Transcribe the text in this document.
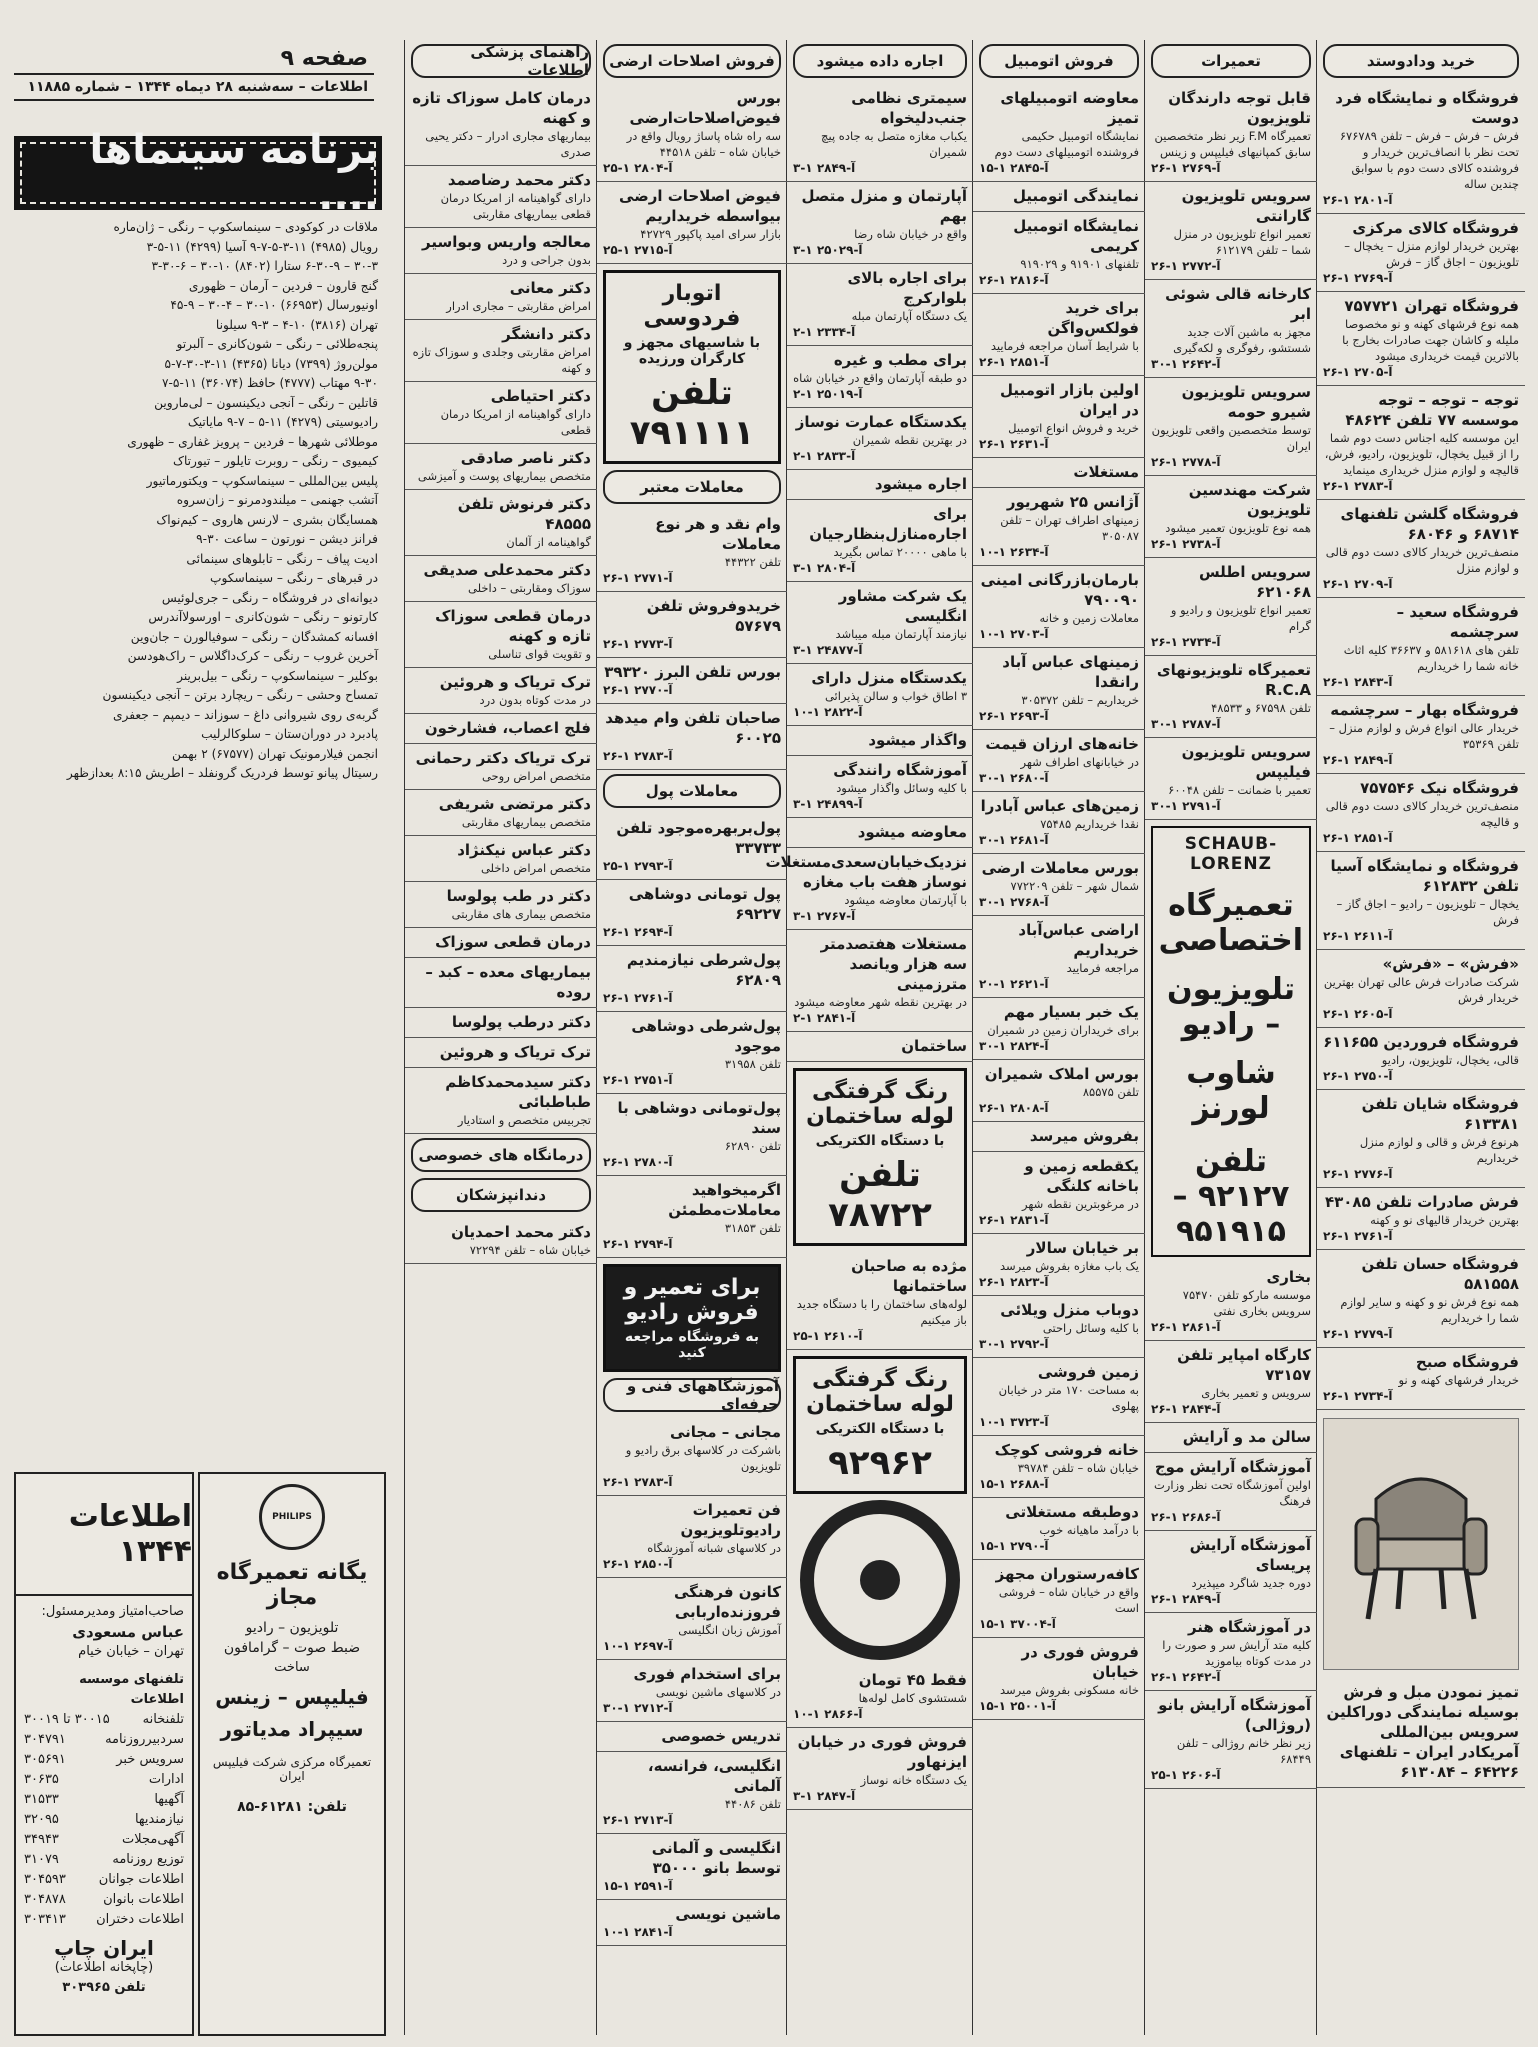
صفحه ۹
اطلاعات – سه‌شنبه ۲۸ دیماه ۱۳۴۴ – شماره ۱۱۸۸۵
برنامه سینماها ....
ملاقات در کوکودی – سینماسکوپ – رنگی – ژان‌ماره
رویال (۴۹۸۵) ۱۱-۳-۵-۷-۹ آسیا (۴۲۹۹) ۱۱-۵-۳
۳۰-۳ – ۶-۳۰-۹ ستارا (۸۴۰۲) ۱۰-۳۰ – ۶-۳۰-۳
گنج قارون – فردین – آرمان – ظهوری
اونیورسال (۶۶۹۵۳) ۱۰-۳۰ – ۴-۳۰ – ۹-۴۵
تهران (۳۸۱۶) ۱۰-۴ – ۳-۹ سیلونا
پنجه‌طلائی – رنگی – شون‌کانری – آلبرتو
مولن‌روژ (۷۳۹۹) دیانا (۴۳۶۵) ۱۱-۳-۳۰-۷-۵
۹-۳۰ مهتاب (۴۷۷۷) حافظ (۳۶۰۷۴) ۱۱-۵-۷
قاتلین – رنگی – آنجی دیکینسون – لی‌ماروین
رادیوسیتی (۴۲۷۹) ۱۱-۵ – ۷-۹ مایاتیک
موطلائی شهرها – فردین – پرویز غفاری – ظهوری
کیمیوی – رنگی – روبرت تایلور – تیورتاک
پلیس بین‌المللی – سینماسکوپ – ویکتورماتیور
آتشب جهنمی – میلندودمرنو – زان‌سروه
همسایگان بشری – لارنس هاروی – کیم‌نواک
فرانز دیشن – نورتون – ساعت ۳۰-۹
ادیت پیاف – رنگی – تابلوهای سینمائی
در قبرهای – رنگی – سینماسکوپ
دیوانه‌ای در فروشگاه – رنگی – جری‌لوئیس
کارتونو – رنگی – شون‌کانری – اورسولاآندرس
افسانه کمشدگان – رنگی – سوفیالورن – جان‌وین
آخرین غروب – رنگی – کرک‌داگلاس – راک‌هودسن
بوکلیر – سینماسکوپ – رنگی – بیل‌برینر
تمساح وحشی – رنگی – ریچارد برتن – آنجی دیکینسون
گربه‌ی روی شیروانی داغ – سوزاند – دیمپم – جعفری
پادبرد در دوران‌ستان – سلوکالرلیب
انجمن فیلارمونیک تهران (۶۷۵۷۷) ۲ بهمن
رسیتال پیانو توسط فردریک گرونفلد – اطریش ۸:۱۵ بعدازظهر
اطلاعات ۱۳۴۴
صاحب‌امتیاز ومدیرمسئول:
عباس مسعودی
تهران – خیابان خیام
تلفنهای موسسه اطلاعات
تلفنخانه
۳۰۰۱۵ تا ۳۰۰۱۹
سردبیرروزنامه
۳۰۴۷۹۱
سرویس خبر
۳۰۵۶۹۱
ادارات
۳۰۶۳۵
آگهیها
۳۱۵۳۳
نیازمندیها
۳۲۰۹۵
آگهی‌مجلات
۳۴۹۴۳
توزیع روزنامه
۳۱۰۷۹
اطلاعات جوانان
۳۰۴۵۹۳
اطلاعات بانوان
۳۰۴۸۷۸
اطلاعات دختران
۳۰۳۴۱۳
ایران چاپ
(چاپخانه اطلاعات)
تلفن ۳۰۳۹۶۵
PHILIPS
یگانه تعمیرگاه مجاز
تلویزیون – رادیو
ضبط صوت – گرامافون
ساخت
فیلیپس – زینس
سیپراد مدیاتور
تعمیرگاه مرکزی شرکت فیلیپس ایران
تلفن: ۶۱۲۸۱-۸۵
خرید ودادوستد
فروشگاه و نمایشگاه فرد دوست
فرش – فرش – فرش – تلفن ۶۷۶۷۸۹ تحت نظر با انصاف‌ترین خریدار و فروشنده کالای دست دوم با سوابق چندین ساله
۲۶-۱ آ-۲۸۰۱
فروشگاه کالای مرکزی
بهترین خریدار لوازم منزل – یخچال – تلویزیون – اجاق گاز – فرش
۲۶-۱ آ-۲۷۶۹
فروشگاه تهران ۷۵۷۷۲۱
همه نوع فرشهای کهنه و نو مخصوصا ملیله و کاشان جهت صادرات بخارج با بالاترین قیمت خریداری میشود
۲۶-۱ آ-۲۷۰۵
توجه – توجه – توجه موسسه ۷۷ تلفن ۴۸۶۲۴
این موسسه کلیه اجناس دست دوم شما را از قبیل یخچال، تلویزیون، رادیو، فرش، قالیچه و لوازم منزل خریداری مینماید
۲۶-۱ آ-۲۷۸۳
فروشگاه گلشن تلفنهای ۶۸۷۱۴ و ۶۸۰۴۶
منصف‌ترین خریدار کالای دست دوم قالی و لوازم منزل
۲۶-۱ آ-۲۷۰۹
فروشگاه سعید – سرچشمه
تلفن های ۵۸۱۶۱۸ و ۳۶۶۳۷ کلیه اثاث خانه شما را خریداریم
۲۶-۱ آ-۲۸۴۳
فروشگاه بهار – سرچشمه
خریدار عالی انواع فرش و لوازم منزل – تلفن ۳۵۳۶۹
۲۶-۱ آ-۲۸۴۹
فروشگاه نیک ۷۵۷۵۴۶
منصف‌ترین خریدار کالای دست دوم قالی و قالیچه
۲۶-۱ آ-۲۸۵۱
فروشگاه و نمایشگاه آسیا تلفن ۶۱۲۸۳۲
یخچال – تلویزیون – رادیو – اجاق گاز – فرش
۲۶-۱ آ-۲۶۱۱
«فرش» – «فرش»
شرکت صادرات فرش عالی تهران بهترین خریدار فرش
۲۶-۱ آ-۲۶۰۵
فروشگاه فروردین ۶۱۱۶۵۵
قالی، یخچال، تلویزیون، رادیو
۲۶-۱ آ-۲۷۵۰
فروشگاه شایان تلفن ۶۱۳۳۸۱
هرنوع فرش و قالی و لوازم منزل خریداریم
۲۶-۱ آ-۲۷۷۶
فرش صادرات تلفن ۴۳۰۸۵
بهترین خریدار قالیهای نو و کهنه
۲۶-۱ آ-۲۷۶۱
فروشگاه حسان تلفن ۵۸۱۵۵۸
همه نوع فرش نو و کهنه و سایر لوازم شما را خریداریم
۲۶-۱ آ-۲۷۷۹
فروشگاه صبح
خریدار فرشهای کهنه و نو
۲۶-۱ آ-۲۷۳۴
تمیز نمودن مبل و فرش بوسیله نمایندگی دوراکلین سرویس بین‌المللی آمریکادر ایران – تلفنهای ۶۴۲۲۶ – ۶۱۳۰۸۴
تعمیرات
قابل توجه دارندگان تلویزیون
تعمیرگاه F.M زیر نظر متخصصین سابق کمپانیهای فیلیپس و زینس
۲۶-۱ آ-۲۷۶۹
سرویس تلویزیون گارانتی
تعمیر انواع تلویزیون در منزل شما – تلفن ۶۱۲۱۷۹
۲۶-۱ آ-۲۷۷۲
کارخانه قالی شوئی ابر
مجهز به ماشین آلات جدید شستشو، رفوگری و لکه‌گیری
۳۰-۱ آ-۲۶۴۲
سرویس تلویزیون شیرو حومه
توسط متخصصین واقعی تلویزیون ایران
۲۶-۱ آ-۲۷۷۸
شرکت مهندسین تلویزیون
همه نوع تلویزیون تعمیر میشود
۲۶-۱ آ-۲۷۳۸
سرویس اطلس ۶۲۱۰۶۸
تعمیر انواع تلویزیون و رادیو و گرام
۲۶-۱ آ-۲۷۳۴
تعمیرگاه تلویزیونهای R.C.A
تلفن ۶۷۵۹۸ و ۴۸۵۳۳
۳۰-۱ آ-۲۷۸۷
سرویس تلویزیون فیلیپس
تعمیر با ضمانت – تلفن ۶۰۰۴۸
۳۰-۱ آ-۲۷۹۱
SCHAUB-LORENZ
تعمیرگاه اختصاصی
تلویزیون – رادیو
شاوب لورنز
تلفن ۹۲۱۲۷ – ۹۵۱۹۱۵
بخاری
موسسه مارکو تلفن ۷۵۴۷۰ سرویس بخاری نفتی
۲۶-۱ آ-۲۸۶۱
کارگاه امپایر تلفن ۷۳۱۵۷
سرویس و تعمیر بخاری
۲۶-۱ آ-۲۸۴۴
سالن مد و آرایش
آموزشگاه آرایش موج
اولین آموزشگاه تحت نظر وزارت فرهنگ
۲۶-۱ آ-۲۶۸۶
آموزشگاه آرایش پریسای
دوره جدید شاگرد میپذیرد
۲۶-۱ آ-۲۸۴۹
در آموزشگاه هنر
کلیه متد آرایش سر و صورت را در مدت کوتاه بیاموزید
۲۶-۱ آ-۲۶۴۲
آموزشگاه آرایش بانو (روژالی)
زیر نظر خانم روژالی – تلفن ۶۸۴۴۹
۲۵-۱ آ-۲۶۰۶
فروش اتومبیل
معاوضه اتومبیلهای تمیز
نمایشگاه اتومبیل حکیمی فروشنده اتومبیلهای دست دوم
۱۵-۱ آ-۲۸۴۵
نمایندگی اتومبیل
نمایشگاه اتومبیل کریمی
تلفنهای ۹۱۹۰۱ و ۹۱۹۰۲۹
۲۶-۱ آ-۲۸۱۶
برای خرید فولکس‌واگن
با شرایط آسان مراجعه فرمایید
۲۶-۱ آ-۲۸۵۱
اولین بازار اتومبیل در ایران
خرید و فروش انواع اتومبیل
۲۶-۱ آ-۲۶۳۱
مستغلات
آژانس ۲۵ شهریور
زمینهای اطراف تهران – تلفن ۳۰۵۰۸۷
۱۰-۱ آ-۲۶۳۴
بارمان‌بازرگانی امینی ۷۹۰۰۹۰
معاملات زمین و خانه
۱۰-۱ آ-۲۷۰۳
زمینهای عباس آباد رانقدا
خریداریم – تلفن ۳۰۵۳۷۲
۲۶-۱ آ-۲۶۹۳
خانه‌های ارزان قیمت
در خیابانهای اطراف شهر
۳۰-۱ آ-۲۶۸۰
زمین‌های عباس آبادرا
نقدا خریداریم ۷۵۴۸۵
۳۰-۱ آ-۲۶۸۱
بورس معاملات ارضی
شمال شهر – تلفن ۷۷۲۲۰۹
۳۰-۱ آ-۲۷۶۸
اراضی عباس‌آباد خریداریم
مراجعه فرمایید
۲۰-۱ آ-۲۶۲۱
یک خبر بسیار مهم
برای خریداران زمین در شمیران
۳۰-۱ آ-۲۸۲۴
بورس املاک شمیران
تلفن ۸۵۵۷۵
۲۶-۱ آ-۲۸۰۸
بفروش میرسد
یکقطعه زمین و باخانه کلنگی
در مرغوبترین نقطه شهر
۲۶-۱ آ-۲۸۳۱
بر خیابان سالار
یک باب مغازه بفروش میرسد
۲۶-۱ آ-۲۸۲۳
دوباب منزل ویلائی
با کلیه وسائل راحتی
۳۰-۱ آ-۲۷۹۲
زمین فروشی
به مساحت ۱۷۰ متر در خیابان پهلوی
۱۰-۱ آ-۳۷۲۳
خانه فروشی کوچک
خیابان شاه – تلفن ۳۹۷۸۴
۱۵-۱ آ-۲۶۸۸
دوطبقه مستغلاتی
با درآمد ماهیانه خوب
۱۵-۱ آ-۲۷۹۰
کافه‌رستوران مجهز
واقع در خیابان شاه – فروشی است
۱۵-۱ آ-۳۷۰۰۴
فروش فوری در خیابان
خانه مسکونی بفروش میرسد
۱۵-۱ آ-۲۵۰۰۱
اجاره داده میشود
سیمتری نظامی جنب‌دلیخواه
یکباب مغازه متصل به جاده پیچ شمیران
۳-۱ آ-۲۸۴۹
آپارتمان و منزل متصل بهم
واقع در خیابان شاه رضا
۳-۱ آ-۲۵۰۲۹
برای اجاره بالای بلوارکرج
یک دستگاه آپارتمان مبله
۲-۱ آ-۲۳۳۴
برای مطب و غیره
دو طبقه آپارتمان واقع در خیابان شاه
۲-۱ آ-۲۵۰۱۹
یکدستگاه عمارت نوساز
در بهترین نقطه شمیران
۲-۱ آ-۲۸۳۳
اجاره میشود
برای اجاره‌منازل‌بنظارجیان
با ماهی ۲۰۰۰۰ تماس بگیرید
۳-۱ آ-۲۸۰۴
یک شرکت مشاور انگلیسی
نیازمند آپارتمان مبله میباشد
۳-۱ آ-۲۴۸۷۷
یکدستگاه منزل دارای
۳ اطاق خواب و سالن پذیرائی
۱۰-۱ آ-۲۸۲۲
واگذار میشود
آموزشگاه رانندگی
با کلیه وسائل واگذار میشود
۳-۱ آ-۲۴۸۹۹
معاوضه میشود
نزدیک‌خیابان‌سعدی‌مستغلات نوساز هفت باب مغازه
با آپارتمان معاوضه میشود
۳-۱ آ-۲۷۶۷
مستغلات هفتصدمتر سه هزار ویانصد مترزمینی
در بهترین نقطه شهر معاوضه میشود
۲-۱ آ-۲۸۴۱
ساختمان
رنگ گرفتگی لوله ساختمان
با دستگاه الکتریکی
تلفن ۷۸۷۲۲
مژده به صاحبان ساختمانها
لوله‌های ساختمان را با دستگاه جدید باز میکنیم
۲۵-۱ آ-۲۶۱۰
رنگ گرفتگی لوله ساختمان
با دستگاه الکتریکی
۹۲۹۶۲
فقط ۴۵ تومان
شستشوی کامل لوله‌ها
۱۰-۱ آ-۲۸۶۶
فروش فوری در خیابان ایزنهاور
یک دستگاه خانه نوساز
۳-۱ آ-۲۸۴۷
فروش اصلاحات ارضی
بورس فیوض‌اصلاحات‌ارضی
سه راه شاه پاساژ رویال واقع در خیابان شاه – تلفن ۴۴۵۱۸
۲۵-۱ آ-۲۸۰۴
فیوض اصلاحات ارضی بیواسطه خریداریم
بازار سرای امید پاکپور ۴۲۷۲۹
۲۵-۱ آ-۲۷۱۵
اتوبار فردوسی
با شاسیهای مجهز و کارگران ورزیده
تلفن ۷۹۱۱۱۱
معاملات معتبر
وام نقد و هر نوع معاملات
تلفن ۴۴۳۲۲
۲۶-۱ آ-۲۷۷۱
خریدوفروش تلفن ۵۷۶۷۹
۲۶-۱ آ-۲۷۷۳
بورس تلفن البرز ۳۹۳۲۰
۲۶-۱ آ-۲۷۷۰
صاحبان تلفن وام میدهد ۶۰۰۲۵
۲۶-۱ آ-۲۷۸۳
معاملات پول
پول‌بربهره‌موجود تلفن ۳۳۷۳۳
۲۵-۱ آ-۲۷۹۳
پول تومانی دوشاهی ۶۹۲۲۷
۲۶-۱ آ-۲۶۹۴
پول‌شرطی نیازمندیم ۶۲۸۰۹
۲۶-۱ آ-۲۷۶۱
پول‌شرطی دوشاهی موجود
تلفن ۳۱۹۵۸
۲۶-۱ آ-۲۷۵۱
پول‌تومانی دوشاهی با سند
تلفن ۶۲۸۹۰
۲۶-۱ آ-۲۷۸۰
اگرمیخواهید معاملات‌مطمئن
تلفن ۳۱۸۵۳
۲۶-۱ آ-۲۷۹۴
برای تعمیر و فروش رادیو
به فروشگاه مراجعه کنید
آموزشگاههای فنی و حرفه‌ای
مجانی – مجانی
باشرکت در کلاسهای برق رادیو و تلویزیون
۲۶-۱ آ-۲۷۸۳
فن تعمیرات رادیوتلویزیون
در کلاسهای شبانه آموزشگاه
۲۶-۱ آ-۲۸۵۰
کانون فرهنگی فروزنده‌اربابی
آموزش زبان انگلیسی
۱۰-۱ آ-۲۶۹۷
برای استخدام فوری
در کلاسهای ماشین نویسی
۳۰-۱ آ-۲۷۱۲
تدریس خصوصی
انگلیسی، فرانسه، آلمانی
تلفن ۴۴۰۸۶
۲۶-۱ آ-۲۷۱۳
انگلیسی و آلمانی توسط بانو ۳۵۰۰۰
۱۵-۱ آ-۲۵۹۱
ماشین نویسی
۱۰-۱ آ-۲۸۴۱
راهنمای پزشکی اطلاعات
درمان کامل سوزاک تازه و کهنه
بیماریهای مجاری ادرار – دکتر یحیی صدری
دکتر محمد رضاصمد
دارای گواهینامه از امریکا درمان قطعی بیماریهای مقاربتی
معالجه واریس وبواسیر
بدون جراحی و درد
دکتر معانی
امراض مقاربتی – مجاری ادرار
دکتر دانشگر
امراض مقاربتی وجلدی و سوزاک تازه و کهنه
دکتر احتیاطی
دارای گواهینامه از امریکا درمان قطعی
دکتر ناصر صادقی
متخصص بیماریهای پوست و آمیزشی
دکتر فرنوش تلفن ۴۸۵۵۵
گواهینامه از آلمان
دکتر محمدعلی صدیقی
سوزاک ومقاربتی – داخلی
درمان قطعی سوزاک تازه و کهنه
و تقویت قوای تناسلی
ترک تریاک و هروئین
در مدت کوتاه بدون درد
فلج اعصاب، فشارخون
ترک تریاک دکتر رحمانی
متخصص امراض روحی
دکتر مرتضی شریفی
متخصص بیماریهای مقاربتی
دکتر عباس نیکنژاد
متخصص امراض داخلی
دکتر در طب پولوسا
متخصص بیماری های مقاربتی
درمان قطعی سوزاک
بیماریهای معده – کبد – روده
دکتر درطب پولوسا
ترک تریاک و هروئین
دکتر سیدمحمدکاظم طباطبائی
تجربیس متخصص و استادیار
درمانگاه های خصوصی
دندانپزشکان
دکتر محمد احمدیان
خیابان شاه – تلفن ۷۲۲۹۴
